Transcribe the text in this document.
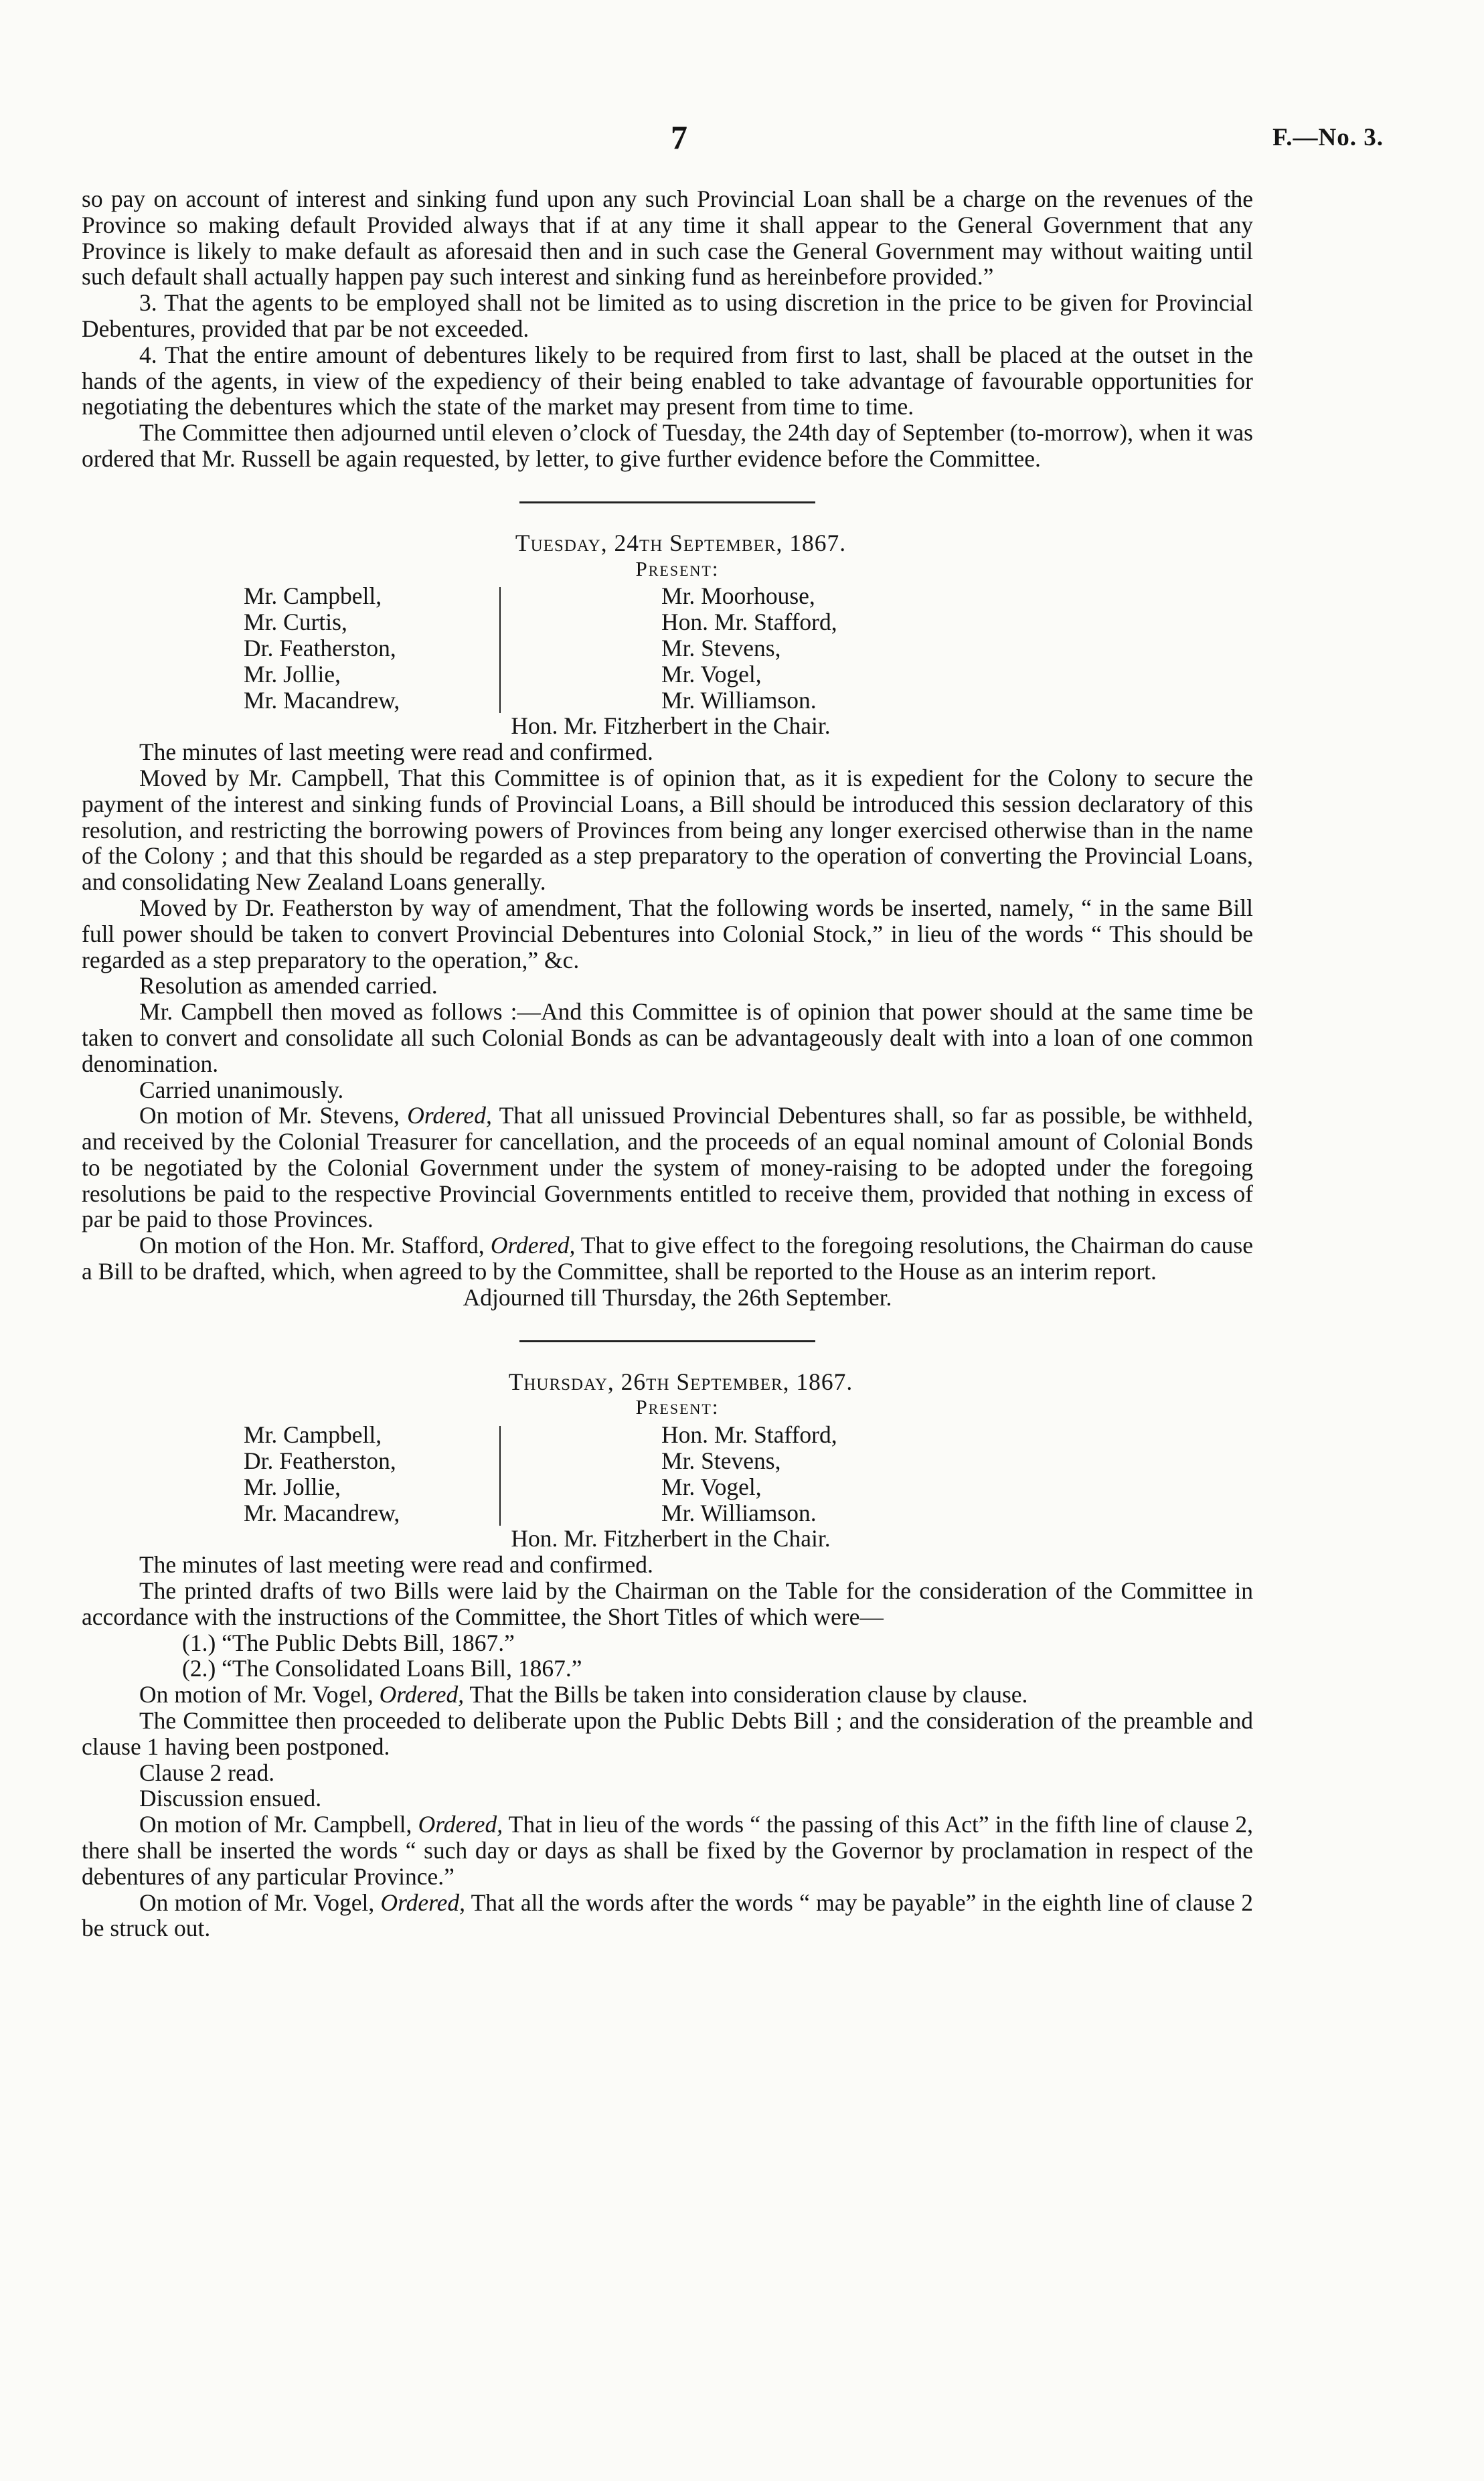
7	F.—No. 3.

so pay on account of interest and sinking fund upon any such Provincial Loan shall be a charge on the revenues of the Province so making default Provided always that if at any time it shall appear to the General Government that any Province is likely to make default as aforesaid then and in such case the General Government may without waiting until such default shall actually happen pay such interest and sinking fund as hereinbefore provided.”

3. That the agents to be employed shall not be limited as to using discretion in the price to be given for Provincial Debentures, provided that par be not exceeded.

4. That the entire amount of debentures likely to be required from first to last, shall be placed at the outset in the hands of the agents, in view of the expediency of their being enabled to take advantage of favourable opportunities for negotiating the debentures which the state of the market may present from time to time.

The Committee then adjourned until eleven o’clock of Tuesday, the 24th day of September (to-morrow), when it was ordered that Mr. Russell be again requested, by letter, to give further evidence before the Committee.

Tuesday, 24th September, 1867.
Present:
Mr. Campbell,
Mr. Curtis,
Dr. Featherston,
Mr. Jollie,
Mr. Macandrew,
Mr. Moorhouse,
Hon. Mr. Stafford,
Mr. Stevens,
Mr. Vogel,
Mr. Williamson.
Hon. Mr. Fitzherbert in the Chair.

The minutes of last meeting were read and confirmed.

Moved by Mr. Campbell, That this Committee is of opinion that, as it is expedient for the Colony to secure the payment of the interest and sinking funds of Provincial Loans, a Bill should be introduced this session declaratory of this resolution, and restricting the borrowing powers of Provinces from being any longer exercised otherwise than in the name of the Colony ; and that this should be regarded as a step preparatory to the operation of converting the Provincial Loans, and consolidating New Zealand Loans generally.

Moved by Dr. Featherston by way of amendment, That the following words be inserted, namely, “ in the same Bill full power should be taken to convert Provincial Debentures into Colonial Stock,” in lieu of the words “ This should be regarded as a step preparatory to the operation,” &c.

Resolution as amended carried.

Mr. Campbell then moved as follows :—And this Committee is of opinion that power should at the same time be taken to convert and consolidate all such Colonial Bonds as can be advantageously dealt with into a loan of one common denomination.

Carried unanimously.

On motion of Mr. Stevens, Ordered, That all unissued Provincial Debentures shall, so far as possible, be withheld, and received by the Colonial Treasurer for cancellation, and the proceeds of an equal nominal amount of Colonial Bonds to be negotiated by the Colonial Government under the system of money-raising to be adopted under the foregoing resolutions be paid to the respective Provincial Governments entitled to receive them, provided that nothing in excess of par be paid to those Provinces.

On motion of the Hon. Mr. Stafford, Ordered, That to give effect to the foregoing resolutions, the Chairman do cause a Bill to be drafted, which, when agreed to by the Committee, shall be reported to the House as an interim report.

Adjourned till Thursday, the 26th September.
Thursday, 26th September, 1867.
Present:
Mr. Campbell,
Dr. Featherston,
Mr. Jollie,
Mr. Macandrew,
Hon. Mr. Stafford,
Mr. Stevens,
Mr. Vogel,
Mr. Williamson.
Hon. Mr. Fitzherbert in the Chair.

The minutes of last meeting were read and confirmed.

The printed drafts of two Bills were laid by the Chairman on the Table for the consideration of the Committee in accordance with the instructions of the Committee, the Short Titles of which were—

(1.) “The Public Debts Bill, 1867.”

(2.) “The Consolidated Loans Bill, 1867.”

On motion of Mr. Vogel, Ordered, That the Bills be taken into consideration clause by clause.

The Committee then proceeded to deliberate upon the Public Debts Bill ; and the consideration of the preamble and clause 1 having been postponed.

Clause 2 read.

Discussion ensued.

On motion of Mr. Campbell, Ordered, That in lieu of the words “ the passing of this Act” in the fifth line of clause 2, there shall be inserted the words “ such day or days as shall be fixed by the Governor by proclamation in respect of the debentures of any particular Province.”

On motion of Mr. Vogel, Ordered, That all the words after the words “ may be payable” in the eighth line of clause 2 be struck out.
